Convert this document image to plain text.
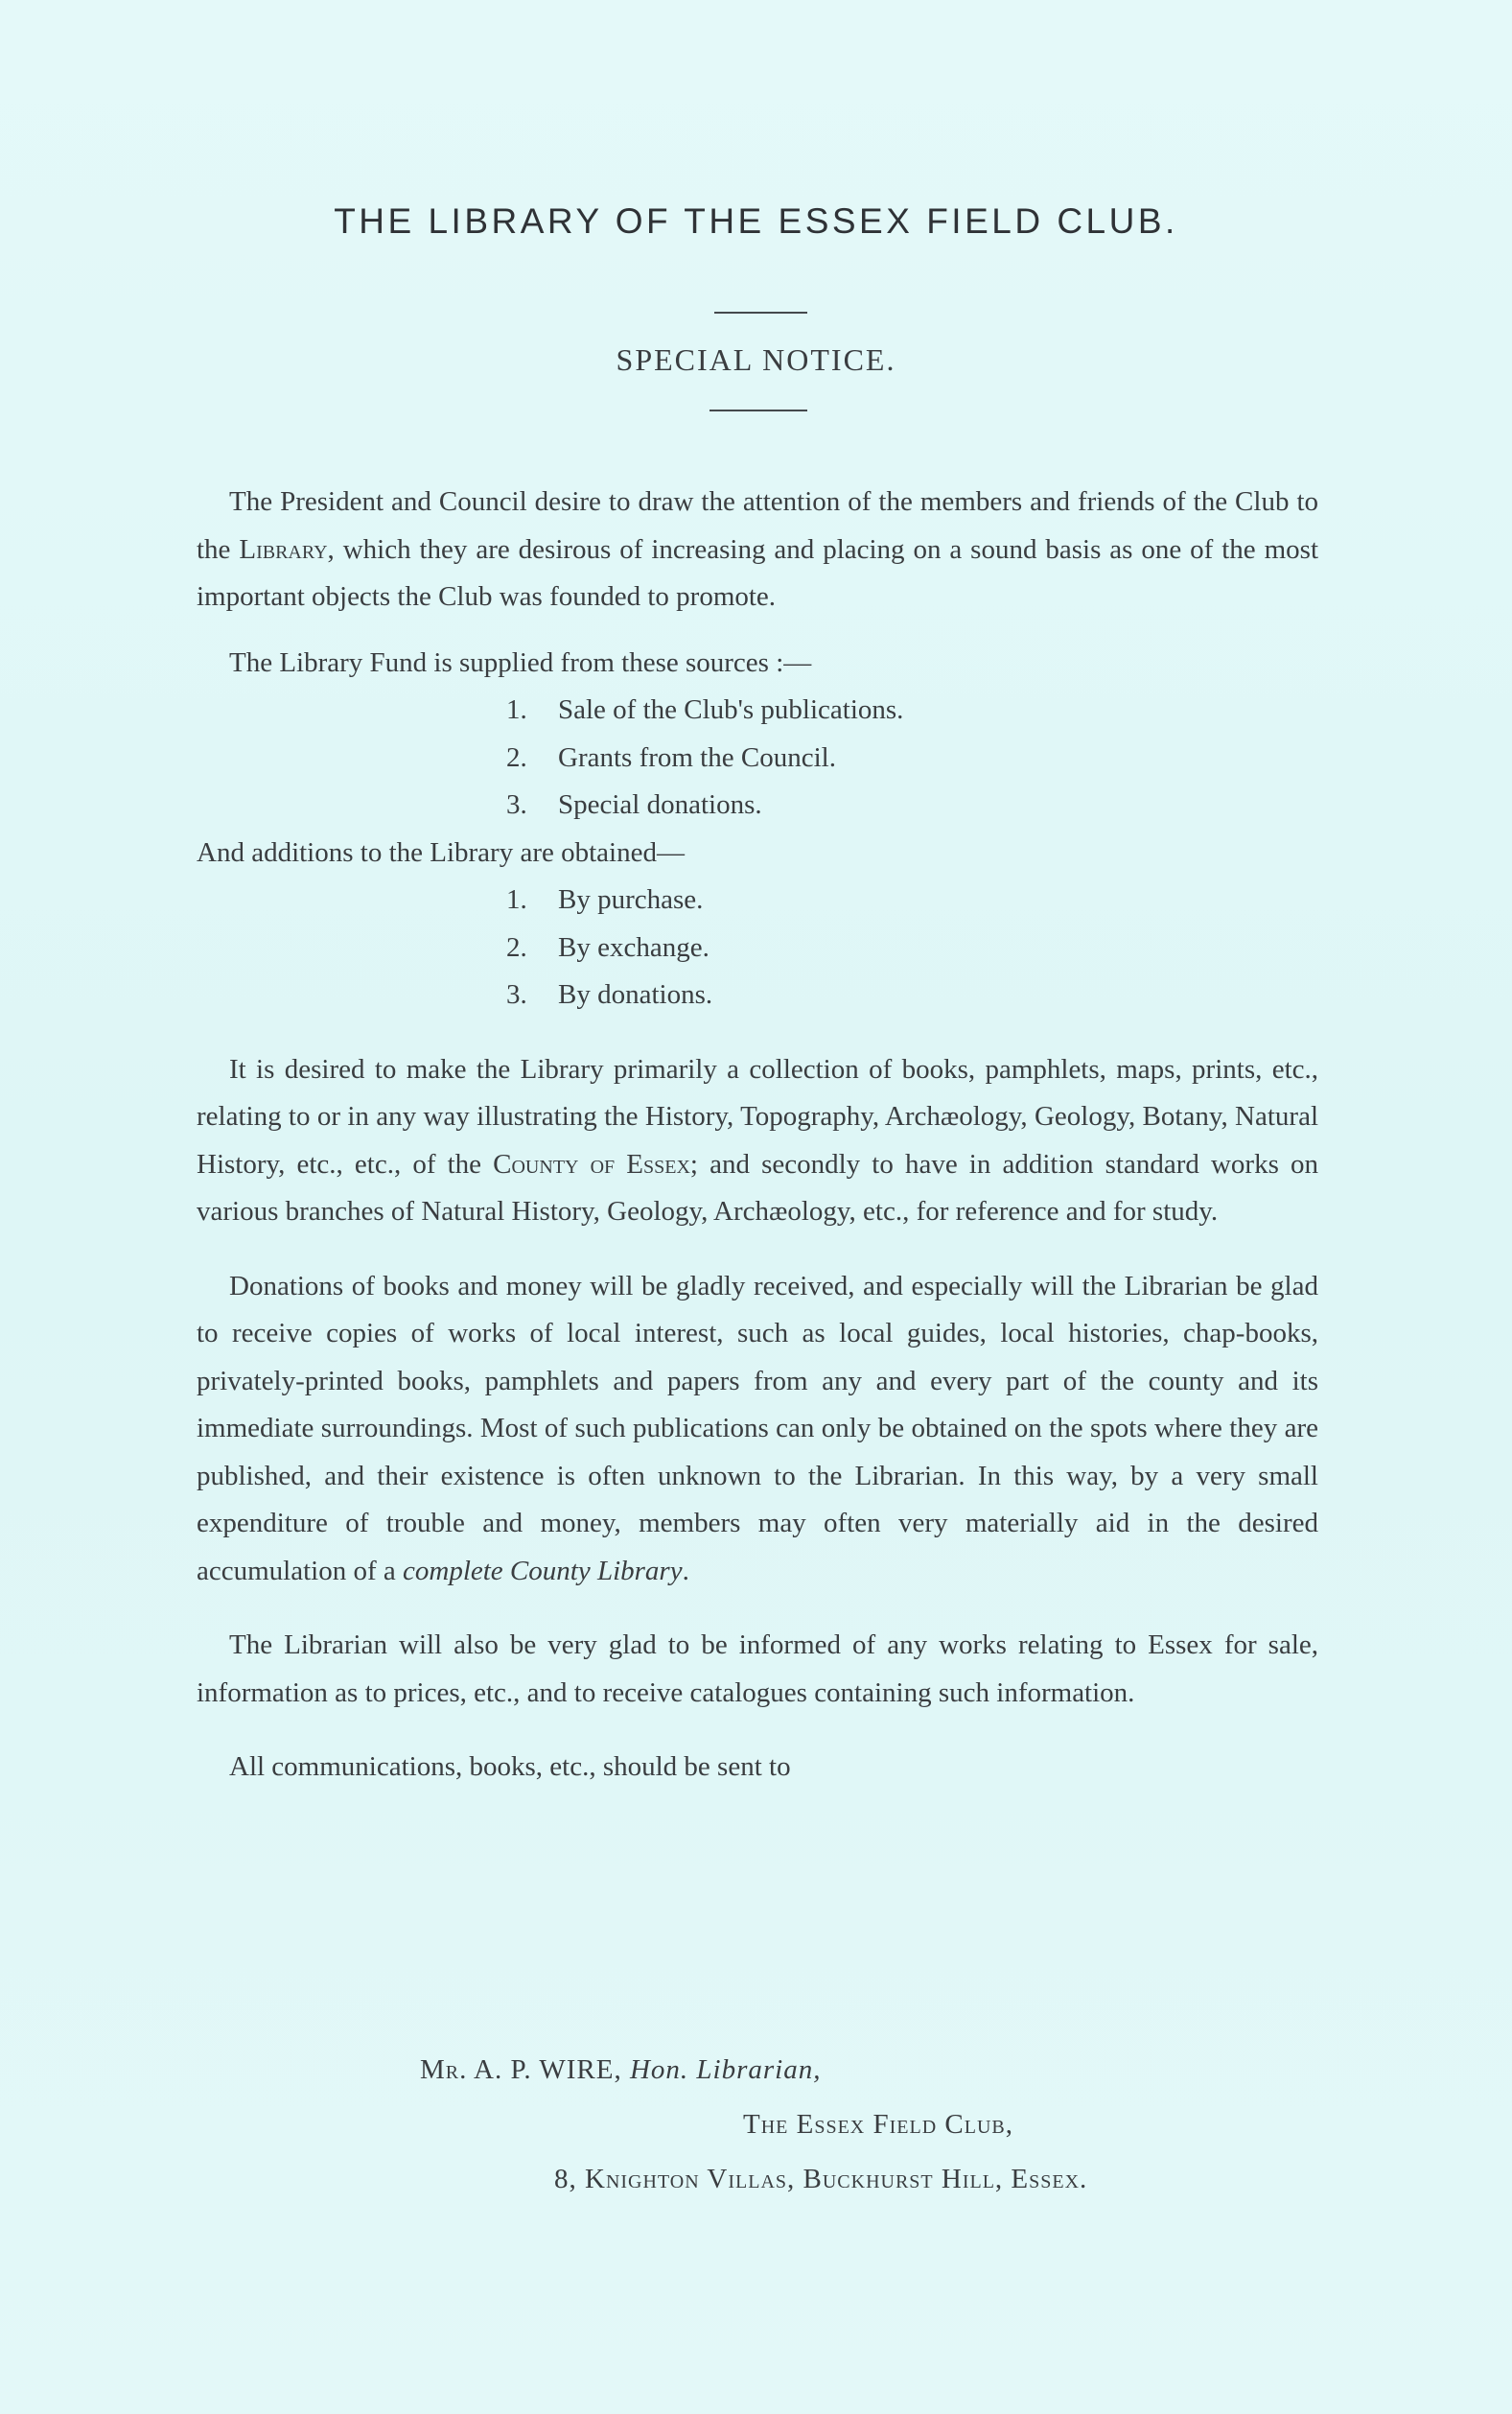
THE LIBRARY OF THE ESSEX FIELD CLUB.
SPECIAL NOTICE.

The President and Council desire to draw the attention of the members and friends of the Club to the Library, which they are desirous of increasing and placing on a sound basis as one of the most important objects the Club was founded to promote.

The Library Fund is supplied from these sources :—

1. Sale of the Club's publications.
2. Grants from the Council.
3. Special donations.

And additions to the Library are obtained—

1. By purchase.
2. By exchange.
3. By donations.

It is desired to make the Library primarily a collection of books, pamphlets, maps, prints, etc., relating to or in any way illustrating the History, Topography, Archæology, Geology, Botany, Natural History, etc., etc., of the County of Essex; and secondly to have in addition standard works on various branches of Natural History, Geology, Archæology, etc., for reference and for study.

Donations of books and money will be gladly received, and especially will the Librarian be glad to receive copies of works of local interest, such as local guides, local histories, chap-books, privately-printed books, pamphlets and papers from any and every part of the county and its immediate surroundings. Most of such publications can only be obtained on the spots where they are published, and their existence is often unknown to the Librarian. In this way, by a very small expenditure of trouble and money, members may often very materially aid in the desired accumulation of a complete County Library.

The Librarian will also be very glad to be informed of any works relating to Essex for sale, information as to prices, etc., and to receive catalogues containing such information.

All communications, books, etc., should be sent to

Mr. A. P. WIRE, Hon. Librarian,
The Essex Field Club,
8, Knighton Villas, Buckhurst Hill, Essex.
